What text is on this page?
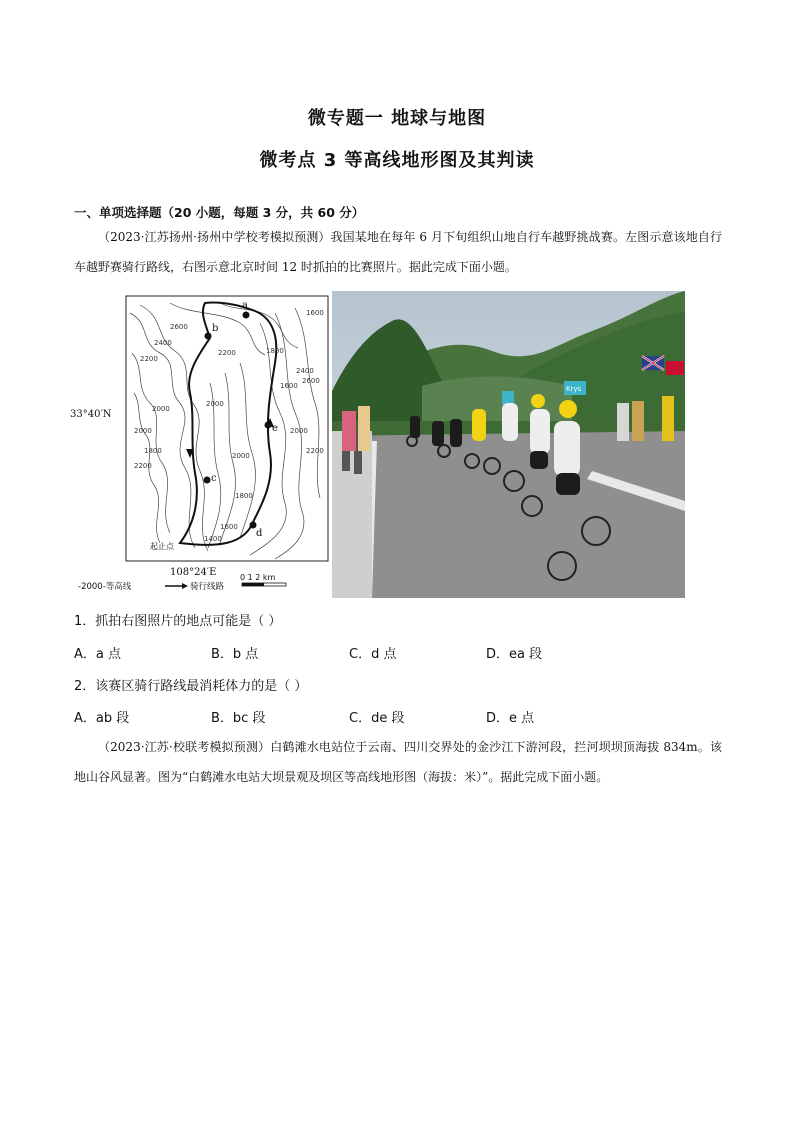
微专题一 地球与地图
微考点 3 等高线地形图及其判读
一、单项选择题（20 小题，每题 3 分，共 60 分）

（2023·江苏扬州·扬州中学校考模拟预测）我国某地在每年 6 月下旬组织山地自行车越野挑战赛。左图示意该地自行车越野赛骑行路线，右图示意北京时间 12 时抓拍的比赛照片。据此完成下面小题。

a
b
c
d
e
1600
2600
2400
2200
2200
2000
2000
1800
1600
1400
1800
2000
2200
2400
2600
1600
2000
2200
2000
1800
33°40′N
108°24′E
起止点
-2000-等高线	骑行线路
0 1 2 km
Krys
1．抓拍右图照片的地点可能是（ ）
A．a 点	B．b 点	C．d 点	D．ea 段
2．该赛区骑行路线最消耗体力的是（ ）
A．ab 段	B．bc 段	C．de 段	D．e 点

（2023·江苏·校联考模拟预测）白鹤滩水电站位于云南、四川交界处的金沙江下游河段，拦河坝坝顶海拔 834m。该地山谷风显著。图为“白鹤滩水电站大坝景观及坝区等高线地形图（海拔：米）”。据此完成下面小题。
